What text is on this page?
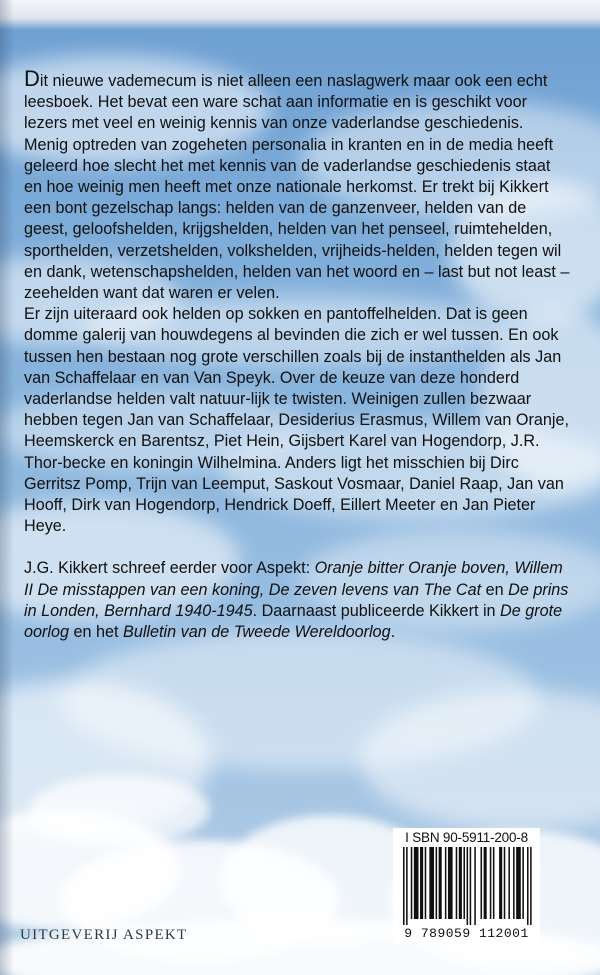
Dit nieuwe vademecum is niet alleen een naslagwerk maar ook een echt leesboek. Het bevat een ware schat aan informatie en is geschikt voor lezers met veel en weinig kennis van onze vaderlandse geschiedenis. Menig optreden van zogeheten personalia in kranten en in de media heeft geleerd hoe slecht het met kennis van de vaderlandse geschiedenis staat en hoe weinig men heeft met onze nationale herkomst. Er trekt bij Kikkert een bont gezelschap langs: helden van de ganzenveer, helden van de geest, geloofshelden, krijgshelden, helden van het penseel, ruimtehelden, sporthelden, verzetshelden, volkshelden, vrijheids-helden, helden tegen wil en dank, wetenschapshelden, helden van het woord en – last but not least – zeehelden want dat waren er velen.

Er zijn uiteraard ook helden op sokken en pantoffelhelden. Dat is geen domme galerij van houwdegens al bevinden die zich er wel tussen. En ook tussen hen bestaan nog grote verschillen zoals bij de instanthelden als Jan van Schaffelaar en van Van Speyk. Over de keuze van deze honderd vaderlandse helden valt natuur-lijk te twisten. Weinigen zullen bezwaar hebben tegen Jan van Schaffelaar, Desiderius Erasmus, Willem van Oranje, Heemskerck en Barentsz, Piet Hein, Gijsbert Karel van Hogendorp, J.R. Thor-becke en koningin Wilhelmina. Anders ligt het misschien bij Dirc Gerritsz Pomp, Trijn van Leemput, Saskout Vosmaar, Daniel Raap, Jan van Hooff, Dirk van Hogendorp, Hendrick Doeff, Eillert Meeter en Jan Pieter Heye.

J.G. Kikkert schreef eerder voor Aspekt: Oranje bitter Oranje boven, Willem II De misstappen van een koning, De zeven levens van The Cat en De prins in Londen, Bernhard 1940-1945. Daarnaast publiceerde Kikkert in De grote oorlog en het Bulletin van de Tweede Wereldoorlog.

I SBN 90-5911-200-8
9 789059 112001
UITGEVERIJ ASPEKT
